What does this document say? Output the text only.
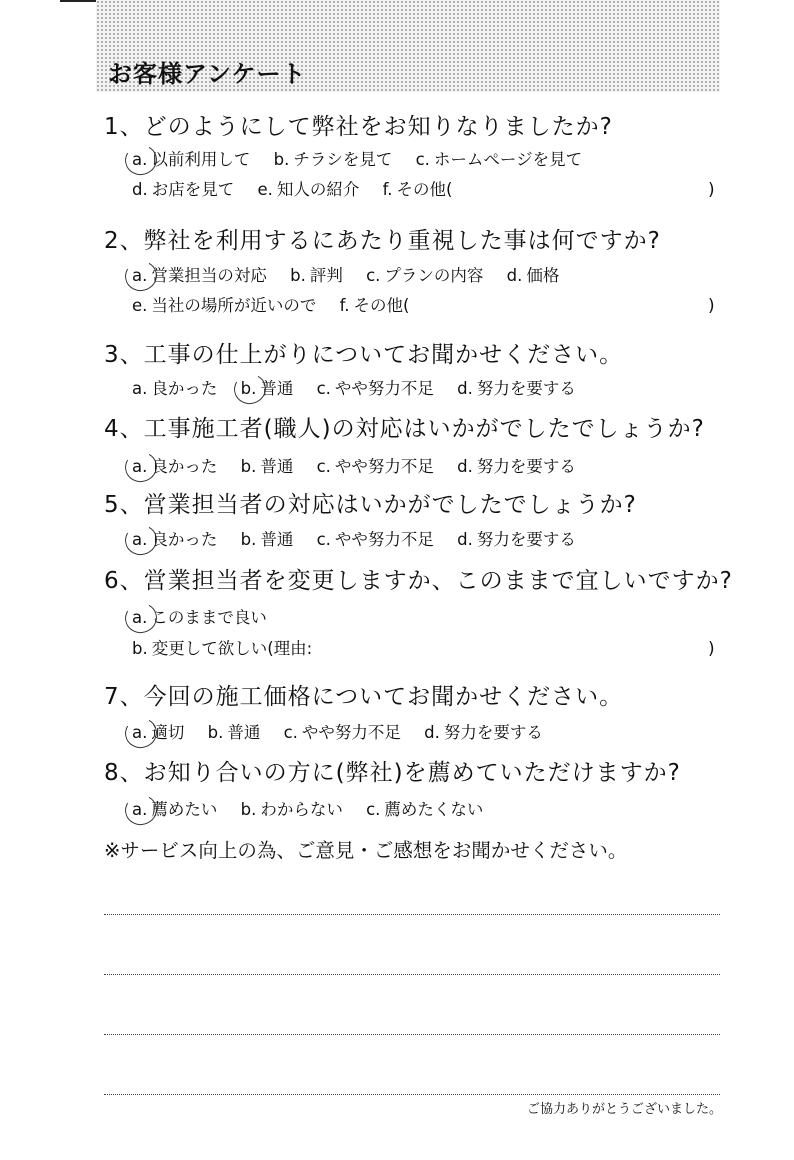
お客様アンケート
1、どのようにして弊社をお知りなりましたか?
a. 以前利用して b. チラシを見て c. ホームページを見て
d. お店を見て e. 知人の紹介 f. その他(	)
2、弊社を利用するにあたり重視した事は何ですか?
a. 営業担当の対応 b. 評判 c. プランの内容 d. 価格
e. 当社の場所が近いので f. その他(	)
3、工事の仕上がりについてお聞かせください。
a. 良かった b. 普通 c. やや努力不足 d. 努力を要する
4、工事施工者(職人)の対応はいかがでしたでしょうか?
a. 良かった b. 普通 c. やや努力不足 d. 努力を要する
5、営業担当者の対応はいかがでしたでしょうか?
a. 良かった b. 普通 c. やや努力不足 d. 努力を要する
6、営業担当者を変更しますか、このままで宜しいですか?
a. このままで良い
b. 変更して欲しい(理由:	)
7、今回の施工価格についてお聞かせください。
a. 適切 b. 普通 c. やや努力不足 d. 努力を要する
8、お知り合いの方に(弊社)を薦めていただけますか?
a. 薦めたい b. わからない c. 薦めたくない
※サービス向上の為、ご意見・ご感想をお聞かせください。
ご協力ありがとうございました。
